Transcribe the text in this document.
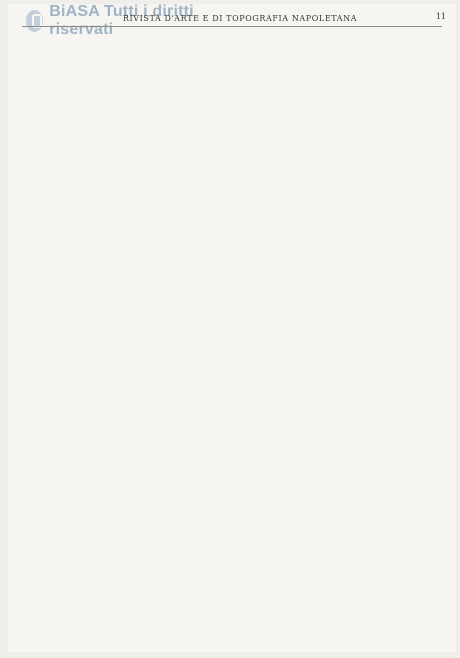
BiASA Tutti i diritti riservati
RIVISTA D'ARTE E DI TOPOGRAFIA NAPOLETANA	11
